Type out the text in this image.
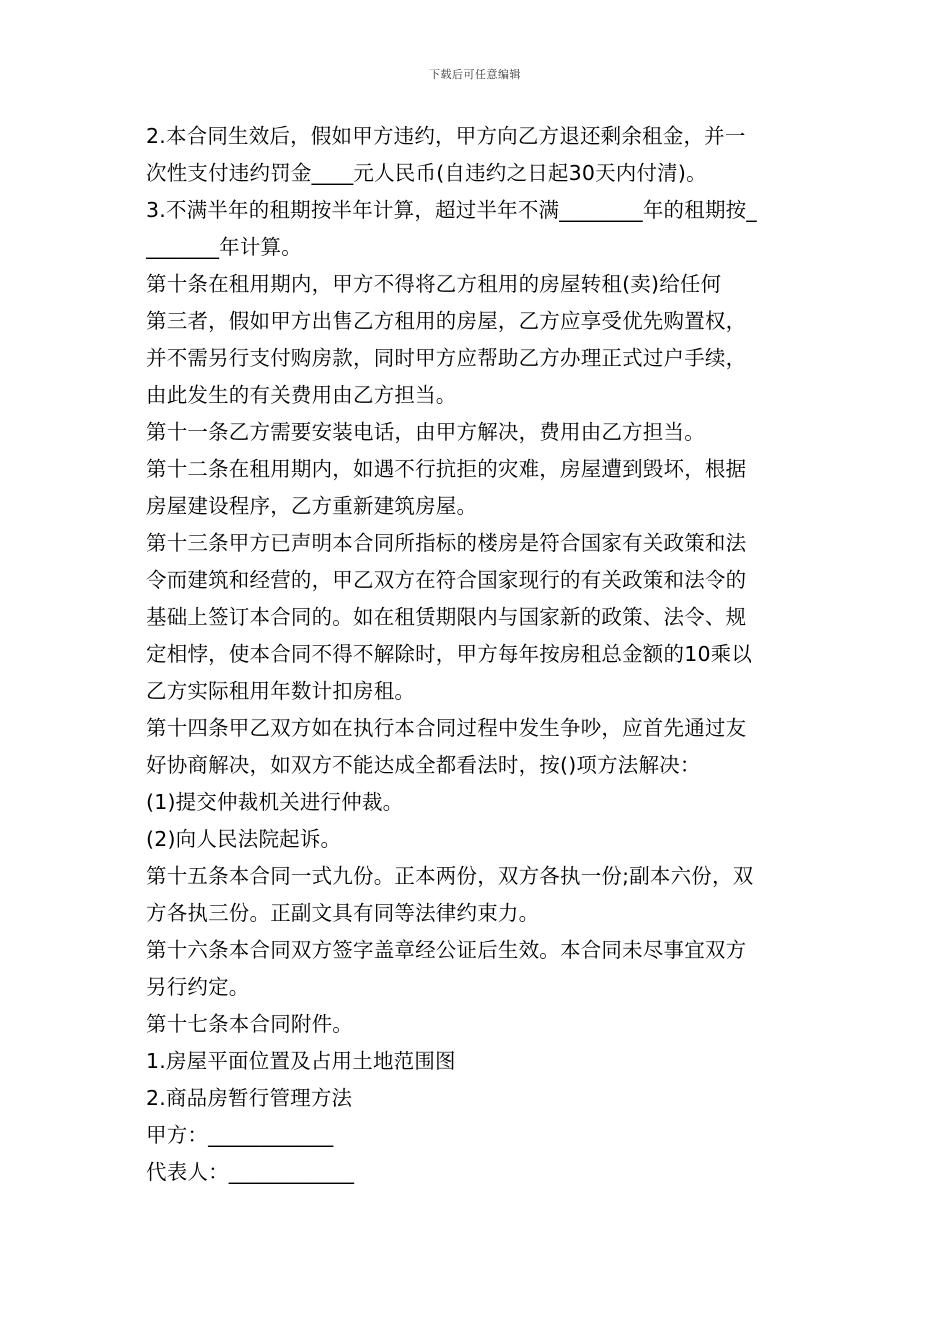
下载后可任意编辑
2.本合同生效后，假如甲方违约，甲方向乙方退还剩余租金，并一
次性支付违约罚金____元人民币(自违约之日起30天内付清)。
3.不满半年的租期按半年计算，超过半年不满________年的租期按_
_______年计算。
第十条在租用期内，甲方不得将乙方租用的房屋转租(卖)给任何
第三者，假如甲方出售乙方租用的房屋，乙方应享受优先购置权，
并不需另行支付购房款，同时甲方应帮助乙方办理正式过户手续，
由此发生的有关费用由乙方担当。
第十一条乙方需要安装电话，由甲方解决，费用由乙方担当。
第十二条在租用期内，如遇不行抗拒的灾难，房屋遭到毁坏，根据
房屋建设程序，乙方重新建筑房屋。
第十三条甲方已声明本合同所指标的楼房是符合国家有关政策和法
令而建筑和经营的，甲乙双方在符合国家现行的有关政策和法令的
基础上签订本合同的。如在租赁期限内与国家新的政策、法令、规
定相悖，使本合同不得不解除时，甲方每年按房租总金额的10乘以
乙方实际租用年数计扣房租。
第十四条甲乙双方如在执行本合同过程中发生争吵，应首先通过友
好协商解决，如双方不能达成全都看法时，按()项方法解决：
(1)提交仲裁机关进行仲裁。
(2)向人民法院起诉。
第十五条本合同一式九份。正本两份，双方各执一份;副本六份，双
方各执三份。正副文具有同等法律约束力。
第十六条本合同双方签字盖章经公证后生效。本合同未尽事宜双方
另行约定。
第十七条本合同附件。
1.房屋平面位置及占用土地范围图
2.商品房暂行管理方法
甲方：____________
代表人：____________
